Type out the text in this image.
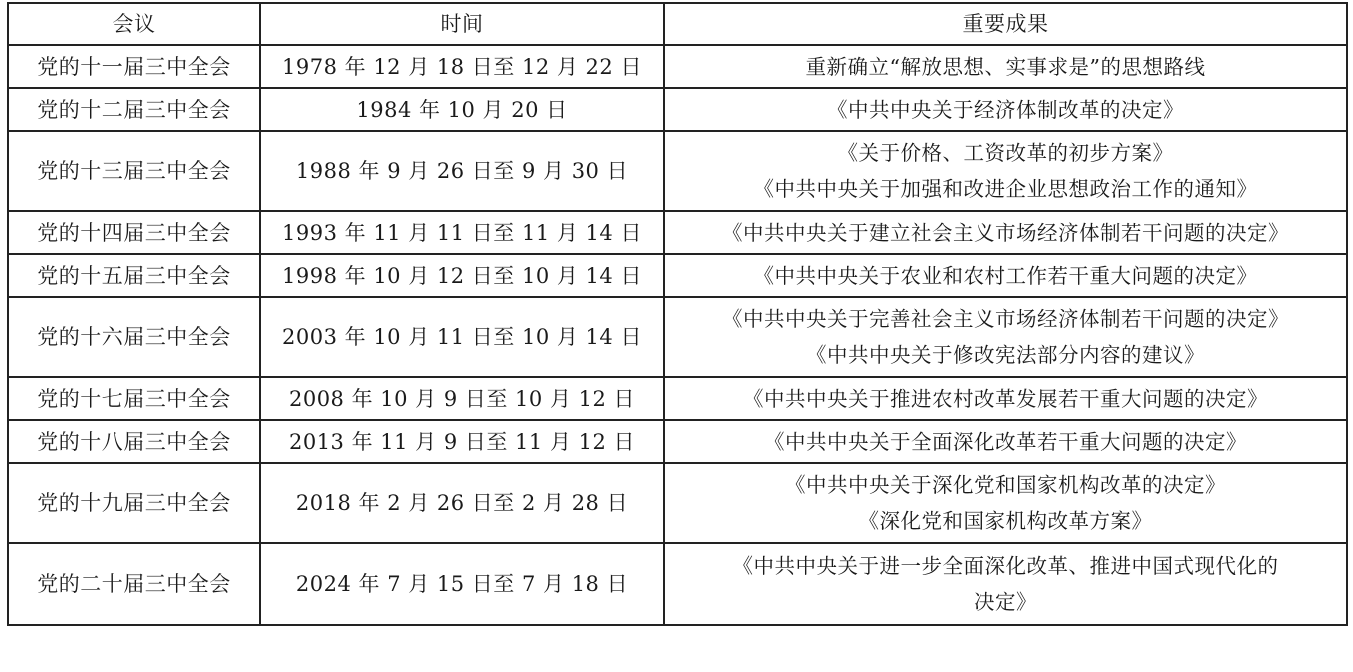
会议	时间	重要成果
党的十一届三中全会	1978 年 12 月 18 日至 12 月 22 日	重新确立“解放思想、实事求是”的思想路线

党的十二届三中全会	1984 年 10 月 20 日	《中共中央关于经济体制改革的决定》

党的十三届三中全会	1988 年 9 月 26 日至 9 月 30 日	《关于价格、工资改革的初步方案》
《中共中央关于加强和改进企业思想政治工作的通知》

党的十四届三中全会	1993 年 11 月 11 日至 11 月 14 日	《中共中央关于建立社会主义市场经济体制若干问题的决定》

党的十五届三中全会	1998 年 10 月 12 日至 10 月 14 日	《中共中央关于农业和农村工作若干重大问题的决定》

党的十六届三中全会	2003 年 10 月 11 日至 10 月 14 日	《中共中央关于完善社会主义市场经济体制若干问题的决定》
《中共中央关于修改宪法部分内容的建议》

党的十七届三中全会	2008 年 10 月 9 日至 10 月 12 日	《中共中央关于推进农村改革发展若干重大问题的决定》

党的十八届三中全会	2013 年 11 月 9 日至 11 月 12 日	《中共中央关于全面深化改革若干重大问题的决定》

党的十九届三中全会	2018 年 2 月 26 日至 2 月 28 日	《中共中央关于深化党和国家机构改革的决定》
《深化党和国家机构改革方案》

党的二十届三中全会	2024 年 7 月 15 日至 7 月 18 日	《中共中央关于进一步全面深化改革、推进中国式现代化的
决定》
